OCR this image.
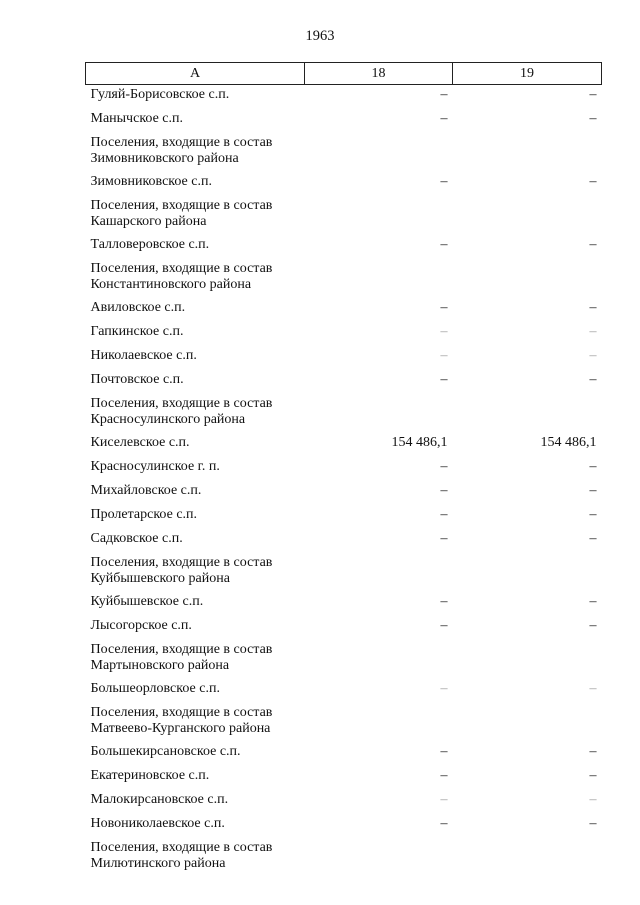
1963
А	18	19
Гуляй-Борисовское с.п.	–	–
Манычское с.п.	–	–
Поселения, входящие в состав Зимовниковского района		
Зимовниковское с.п.	–	–
Поселения, входящие в состав Кашарского района		
Талловеровское с.п.	–	–
Поселения, входящие в состав Константиновского района		
Авиловское с.п.	–	–
Гапкинское с.п.	–	–
Николаевское с.п.	–	–
Почтовское с.п.	–	–
Поселения, входящие в состав Красносулинского района		
Киселевское с.п.	154 486,1	154 486,1
Красносулинское г. п.	–	–
Михайловское с.п.	–	–
Пролетарское с.п.	–	–
Садковское с.п.	–	–
Поселения, входящие в состав Куйбышевского района		
Куйбышевское с.п.	–	–
Лысогорское с.п.	–	–
Поселения, входящие в состав Мартыновского района		
Большеорловское с.п.	–	–
Поселения, входящие в состав Матвеево-Курганского района		
Большекирсановское с.п.	–	–
Екатериновское с.п.	–	–
Малокирсановское с.п.	–	–
Новониколаевское с.п.	–	–
Поселения, входящие в состав Милютинского района		
